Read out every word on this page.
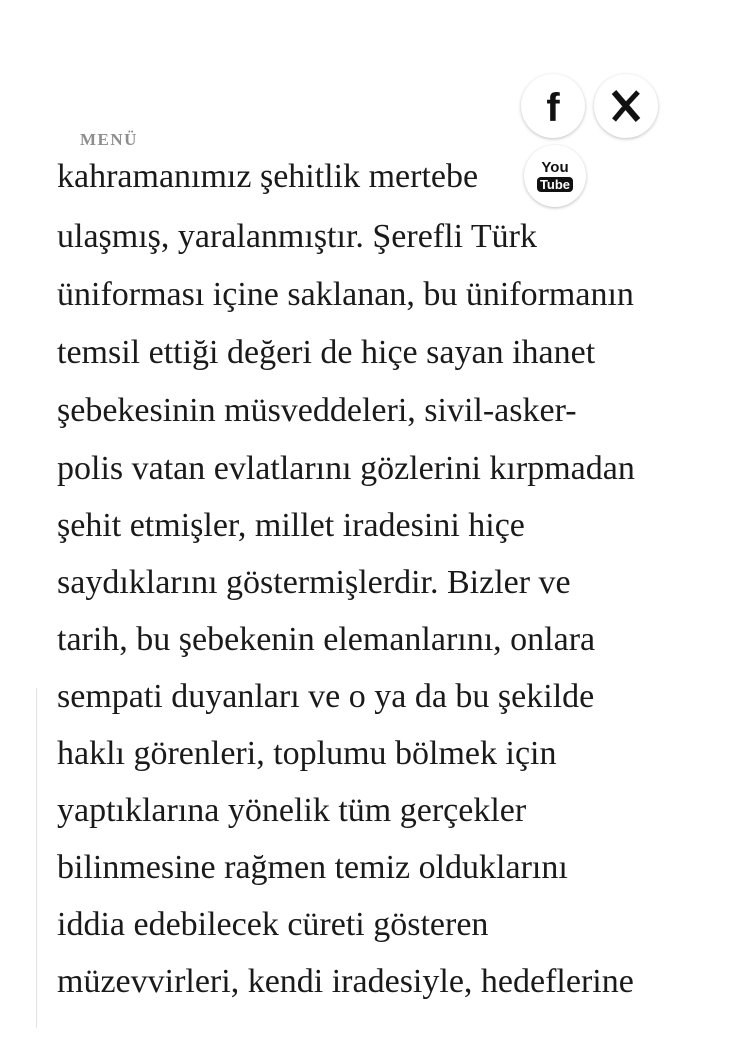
kahramanımız şehitlik mertebe
ulaşmış, yaralanmıştır. Şerefli Türk
üniforması içine saklanan, bu üniformanın
temsil ettiği değeri de hiçe sayan ihanet
şebekesinin müsveddeleri, sivil-asker-
polis vatan evlatlarını gözlerini kırpmadan
şehit etmişler, millet iradesini hiçe
saydıklarını göstermişlerdir. Bizler ve
tarih, bu şebekenin elemanlarını, onlara
sempati duyanları ve o ya da bu şekilde
haklı görenleri, toplumu bölmek için
yaptıklarına yönelik tüm gerçekler
bilinmesine rağmen temiz olduklarını
iddia edebilecek cüreti gösteren
müzevvirleri, kendi iradesiyle, hedeflerine
MENÜ
f
You
Tube
